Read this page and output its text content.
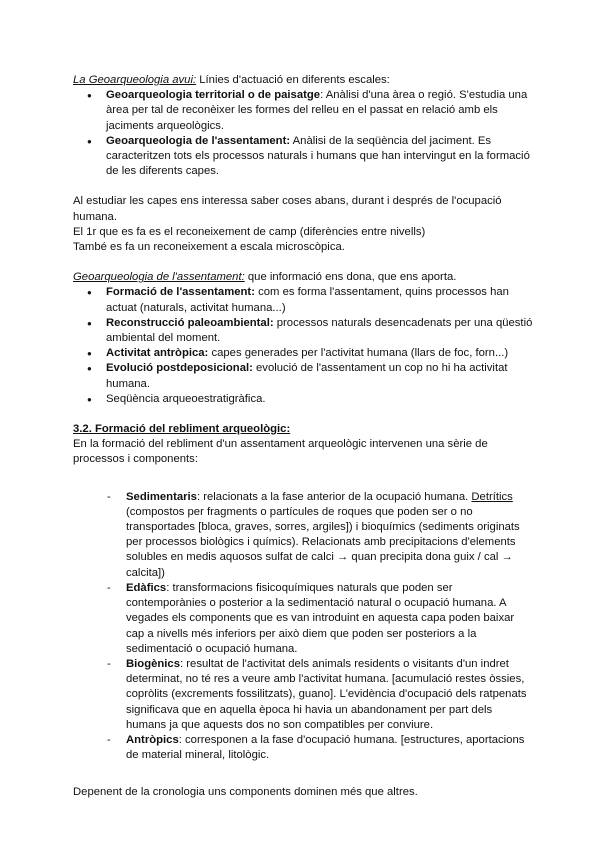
La Geoarqueologia avui: Línies d'actuació en diferents escales:

● Geoarqueologia territorial o de paisatge: Anàlisi d'una àrea o regió. S'estudia una àrea per tal de reconèixer les formes del relleu en el passat en relació amb els jaciments arqueològics.
● Geoarqueologia de l'assentament: Anàlisi de la seqüència del jaciment. Es caracteritzen tots els processos naturals i humans que han intervingut en la formació de les diferents capes.

Al estudiar les capes ens interessa saber coses abans, durant i després de l'ocupació humana.

El 1r que es fa es el reconeixement de camp (diferències entre nivells)

També es fa un reconeixement a escala microscòpica.

Geoarqueologia de l'assentament: que informació ens dona, que ens aporta.

● Formació de l'assentament: com es forma l'assentament, quins processos han actuat (naturals, activitat humana...)
● Reconstrucció paleoambiental: processos naturals desencadenats per una qüestió ambiental del moment.
● Activitat antròpica: capes generades per l'activitat humana (llars de foc, forn...)
● Evolució postdeposicional: evolució de l'assentament un cop no hi ha activitat humana.
● Seqüència arqueoestratigràfica.

3.2. Formació del rebliment arqueològic:

En la formació del rebliment d'un assentament arqueològic intervenen una sèrie de processos i components:

- Sedimentaris: relacionats a la fase anterior de la ocupació humana. Detrítics (compostos per fragments o partícules de roques que poden ser o no transportades [bloca, graves, sorres, argiles]) i bioquímics (sediments originats per processos biològics i químics). Relacionats amb precipitacions d'elements solubles en medis aquosos sulfat de calci → quan precipita dona guix / cal → calcita])
- Edàfics: transformacions fisicoquímiques naturals que poden ser contemporànies o posterior a la sedimentació natural o ocupació humana. A vegades els components que es van introduint en aquesta capa poden baixar cap a nivells més inferiors per això diem que poden ser posteriors a la sedimentació o ocupació humana.
- Biogènics: resultat de l'activitat dels animals residents o visitants d'un indret determinat, no té res a veure amb l'activitat humana. [acumulació restes òssies, copròlits (excrements fossilitzats), guano]. L'evidència d'ocupació dels ratpenats significava que en aquella època hi havia un abandonament per part dels humans ja que aquests dos no son compatibles per conviure.
- Antròpics: corresponen a la fase d'ocupació humana. [estructures, aportacions de material mineral, litològic.

Depenent de la cronologia uns components dominen més que altres.
